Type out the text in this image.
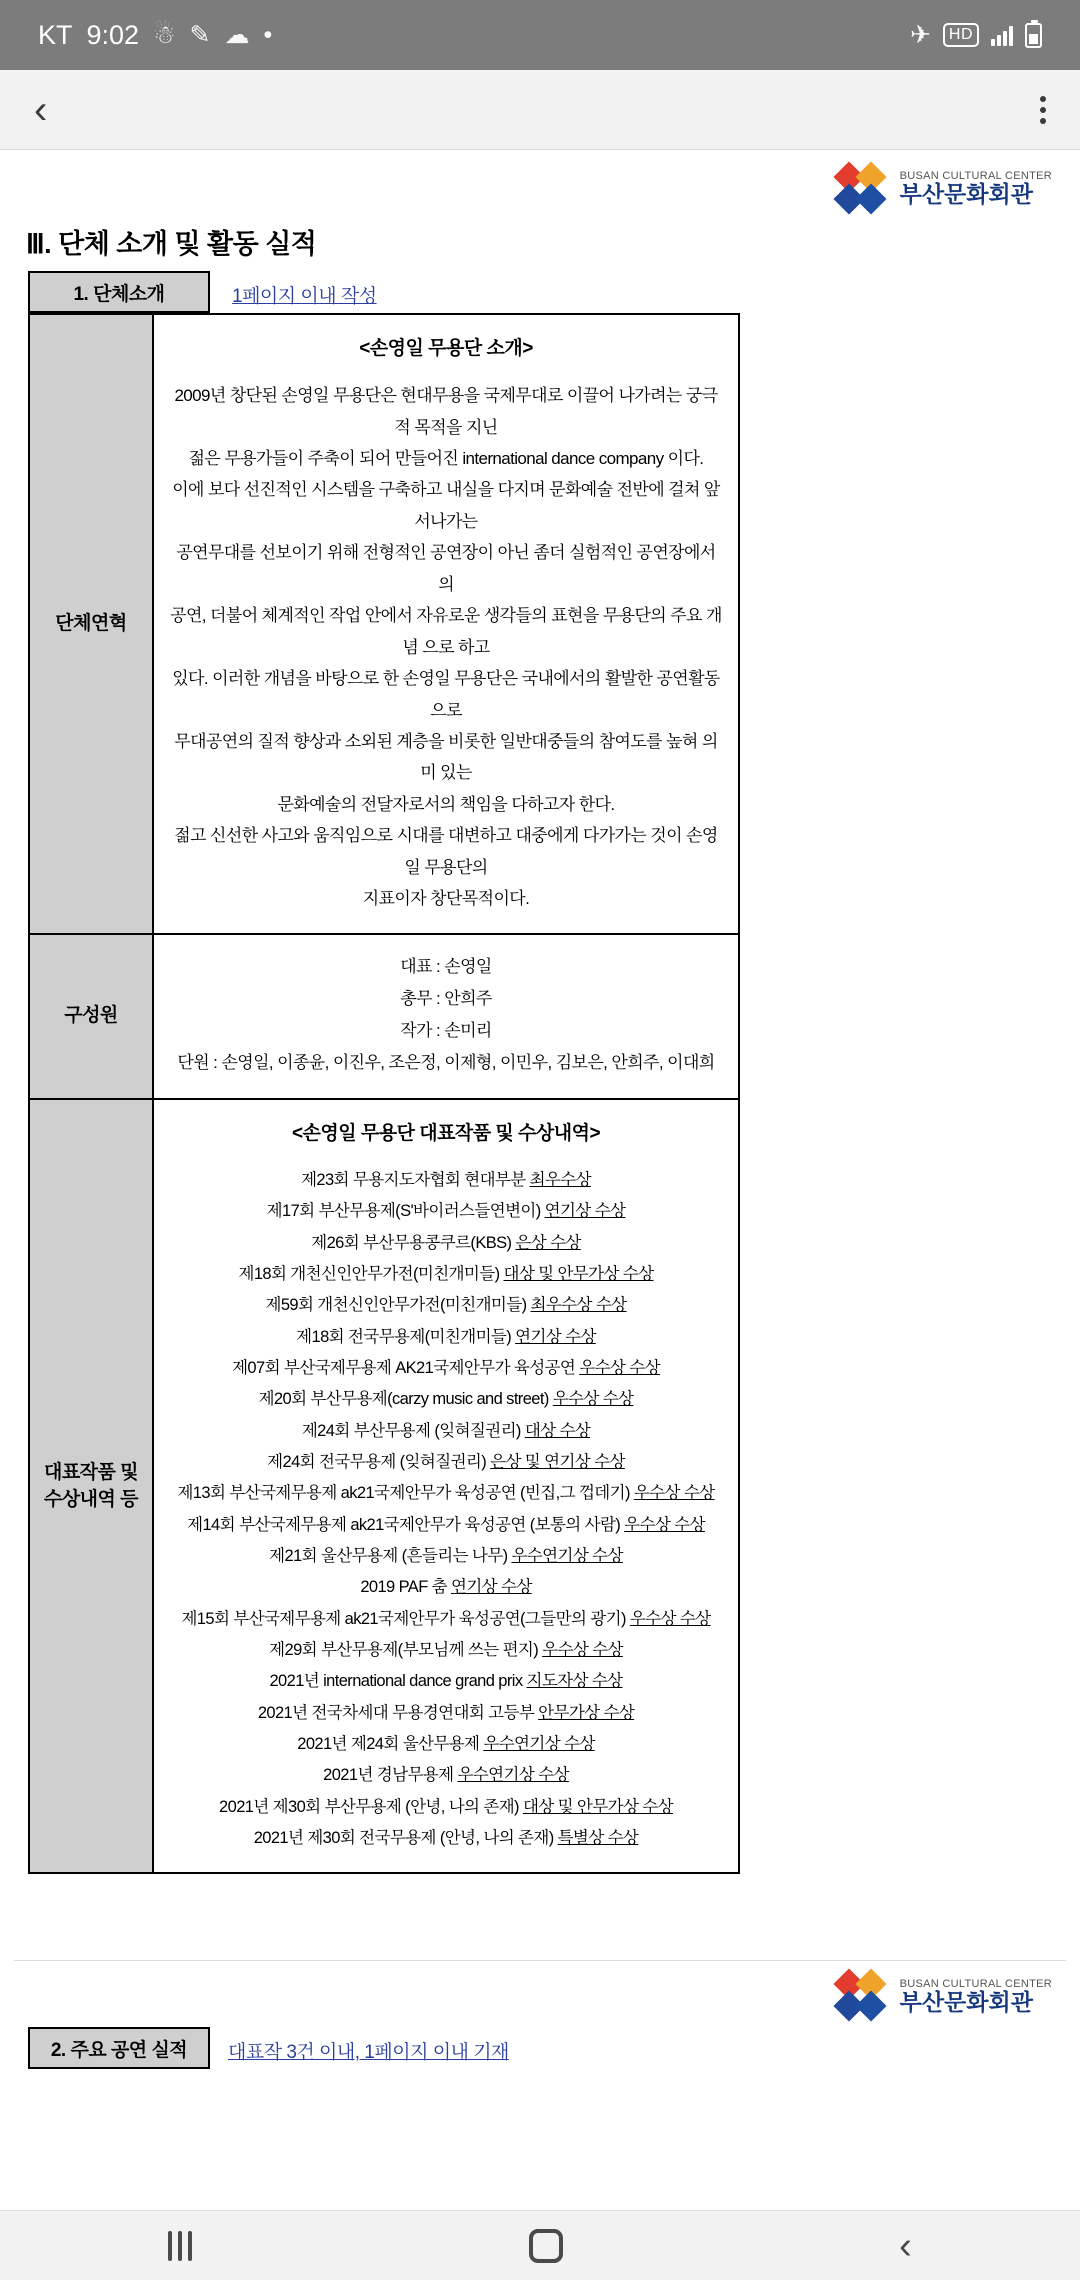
KT 9:02 ☃ ✎ ☁ •	✈	HD
‹
BUSAN CULTURAL CENTER
부산문화회관
Ⅲ. 단체 소개 및 활동 실적
1. 단체소개	1페이지 이내 작성
단체연혁	
<손영일 무용단 소개>
2009년 창단된 손영일 무용단은 현대무용을 국제무대로 이끌어 나가려는 궁극적 목적을 지닌
젊은 무용가들이 주축이 되어 만들어진 international dance company 이다.
이에 보다 선진적인 시스템을 구축하고 내실을 다지며 문화예술 전반에 걸쳐 앞서나가는
공연무대를 선보이기 위해 전형적인 공연장이 아닌 좀더 실험적인 공연장에서의
공연, 더불어 체계적인 작업 안에서 자유로운 생각들의 표현을 무용단의 주요 개념 으로 하고
있다. 이러한 개념을 바탕으로 한 손영일 무용단은 국내에서의 활발한 공연활동으로
무대공연의 질적 향상과 소외된 계층을 비롯한 일반대중들의 참여도를 높혀 의미 있는
문화예술의 전달자로서의 책임을 다하고자 한다.
젊고 신선한 사고와 움직임으로 시대를 대변하고 대중에게 다가가는 것이 손영일 무용단의
지표이자 창단목적이다.

구성원	대표 : 손영일
총무 : 안희주
작가 : 손미리
단원 : 손영일, 이종윤, 이진우, 조은정, 이제형, 이민우, 김보은, 안희주, 이대희

대표작품 및
수상내역 등	
<손영일 무용단 대표작품 및 수상내역>
제23회 무용지도자협회 현대부분 최우수상
제17회 부산무용제(S'바이러스들연변이) 연기상 수상
제26회 부산무용콩쿠르(KBS) 은상 수상
제18회 개천신인안무가전(미친개미들) 대상 및 안무가상 수상
제59회 개천신인안무가전(미친개미들) 최우수상 수상
제18회 전국무용제(미친개미들) 연기상 수상
제07회 부산국제무용제 AK21국제안무가 육성공연 우수상 수상
제20회 부산무용제(carzy music and street) 우수상 수상
제24회 부산무용제 (잊혀질권리) 대상 수상
제24회 전국무용제 (잊혀질권리) 은상 및 연기상 수상
제13회 부산국제무용제 ak21국제안무가 육성공연 (빈집,그 껍데기) 우수상 수상
제14회 부산국제무용제 ak21국제안무가 육성공연 (보통의 사람) 우수상 수상
제21회 울산무용제 (흔들리는 나무) 우수연기상 수상
2019 PAF 춤 연기상 수상
제15회 부산국제무용제 ak21국제안무가 육성공연(그들만의 광기) 우수상 수상
제29회 부산무용제(부모님께 쓰는 편지) 우수상 수상
2021년 international dance grand prix 지도자상 수상
2021년 전국차세대 무용경연대회 고등부 안무가상 수상
2021년 제24회 울산무용제 우수연기상 수상
2021년 경남무용제 우수연기상 수상
2021년 제30회 부산무용제 (안녕, 나의 존재) 대상 및 안무가상 수상
2021년 제30회 전국무용제 (안녕, 나의 존재) 특별상 수상
BUSAN CULTURAL CENTER
부산문화회관
2. 주요 공연 실적	대표작 3건 이내, 1페이지 이내 기재
‹
